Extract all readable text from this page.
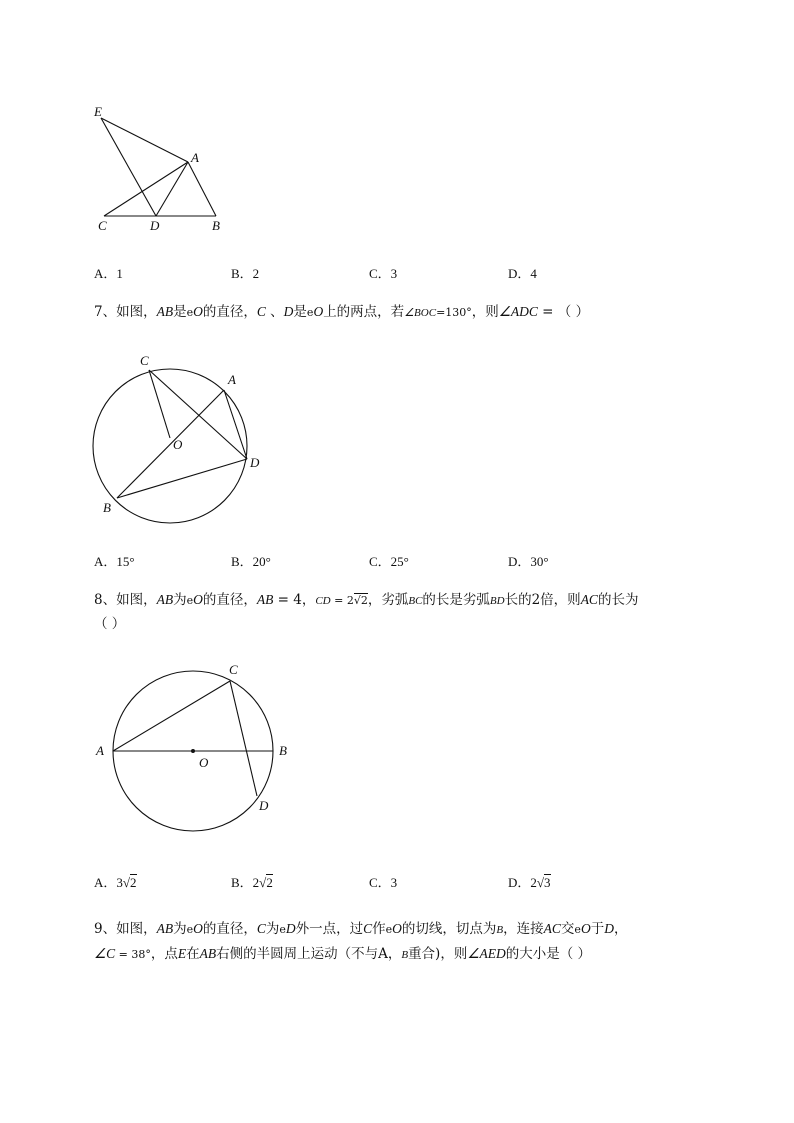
E
A
C	D	B
C
A
O
D
B
C
A
O
B
D
A．1	B．2	C．3	D．4
7、如图，AB是eO的直径，C 、D是eO上的两点，若∠BOC=130°，则∠ADC = （ ）
A．15°	B．20°	C．25°	D．30°
8、如图，AB为eO的直径，AB = 4，CD = 2√2，劣弧BC的长是劣弧BD长的2倍，则AC的长为
（ ）
A．3√2	B．2√2	C．3	D．2√3
9、如图，AB为eO的直径，C为eD外一点，过C作eO的切线，切点为B，连接AC交eO于D，
∠C = 38°，点E在AB右侧的半圆周上运动（不与A，B重合)，则∠AED的大小是（ ）
